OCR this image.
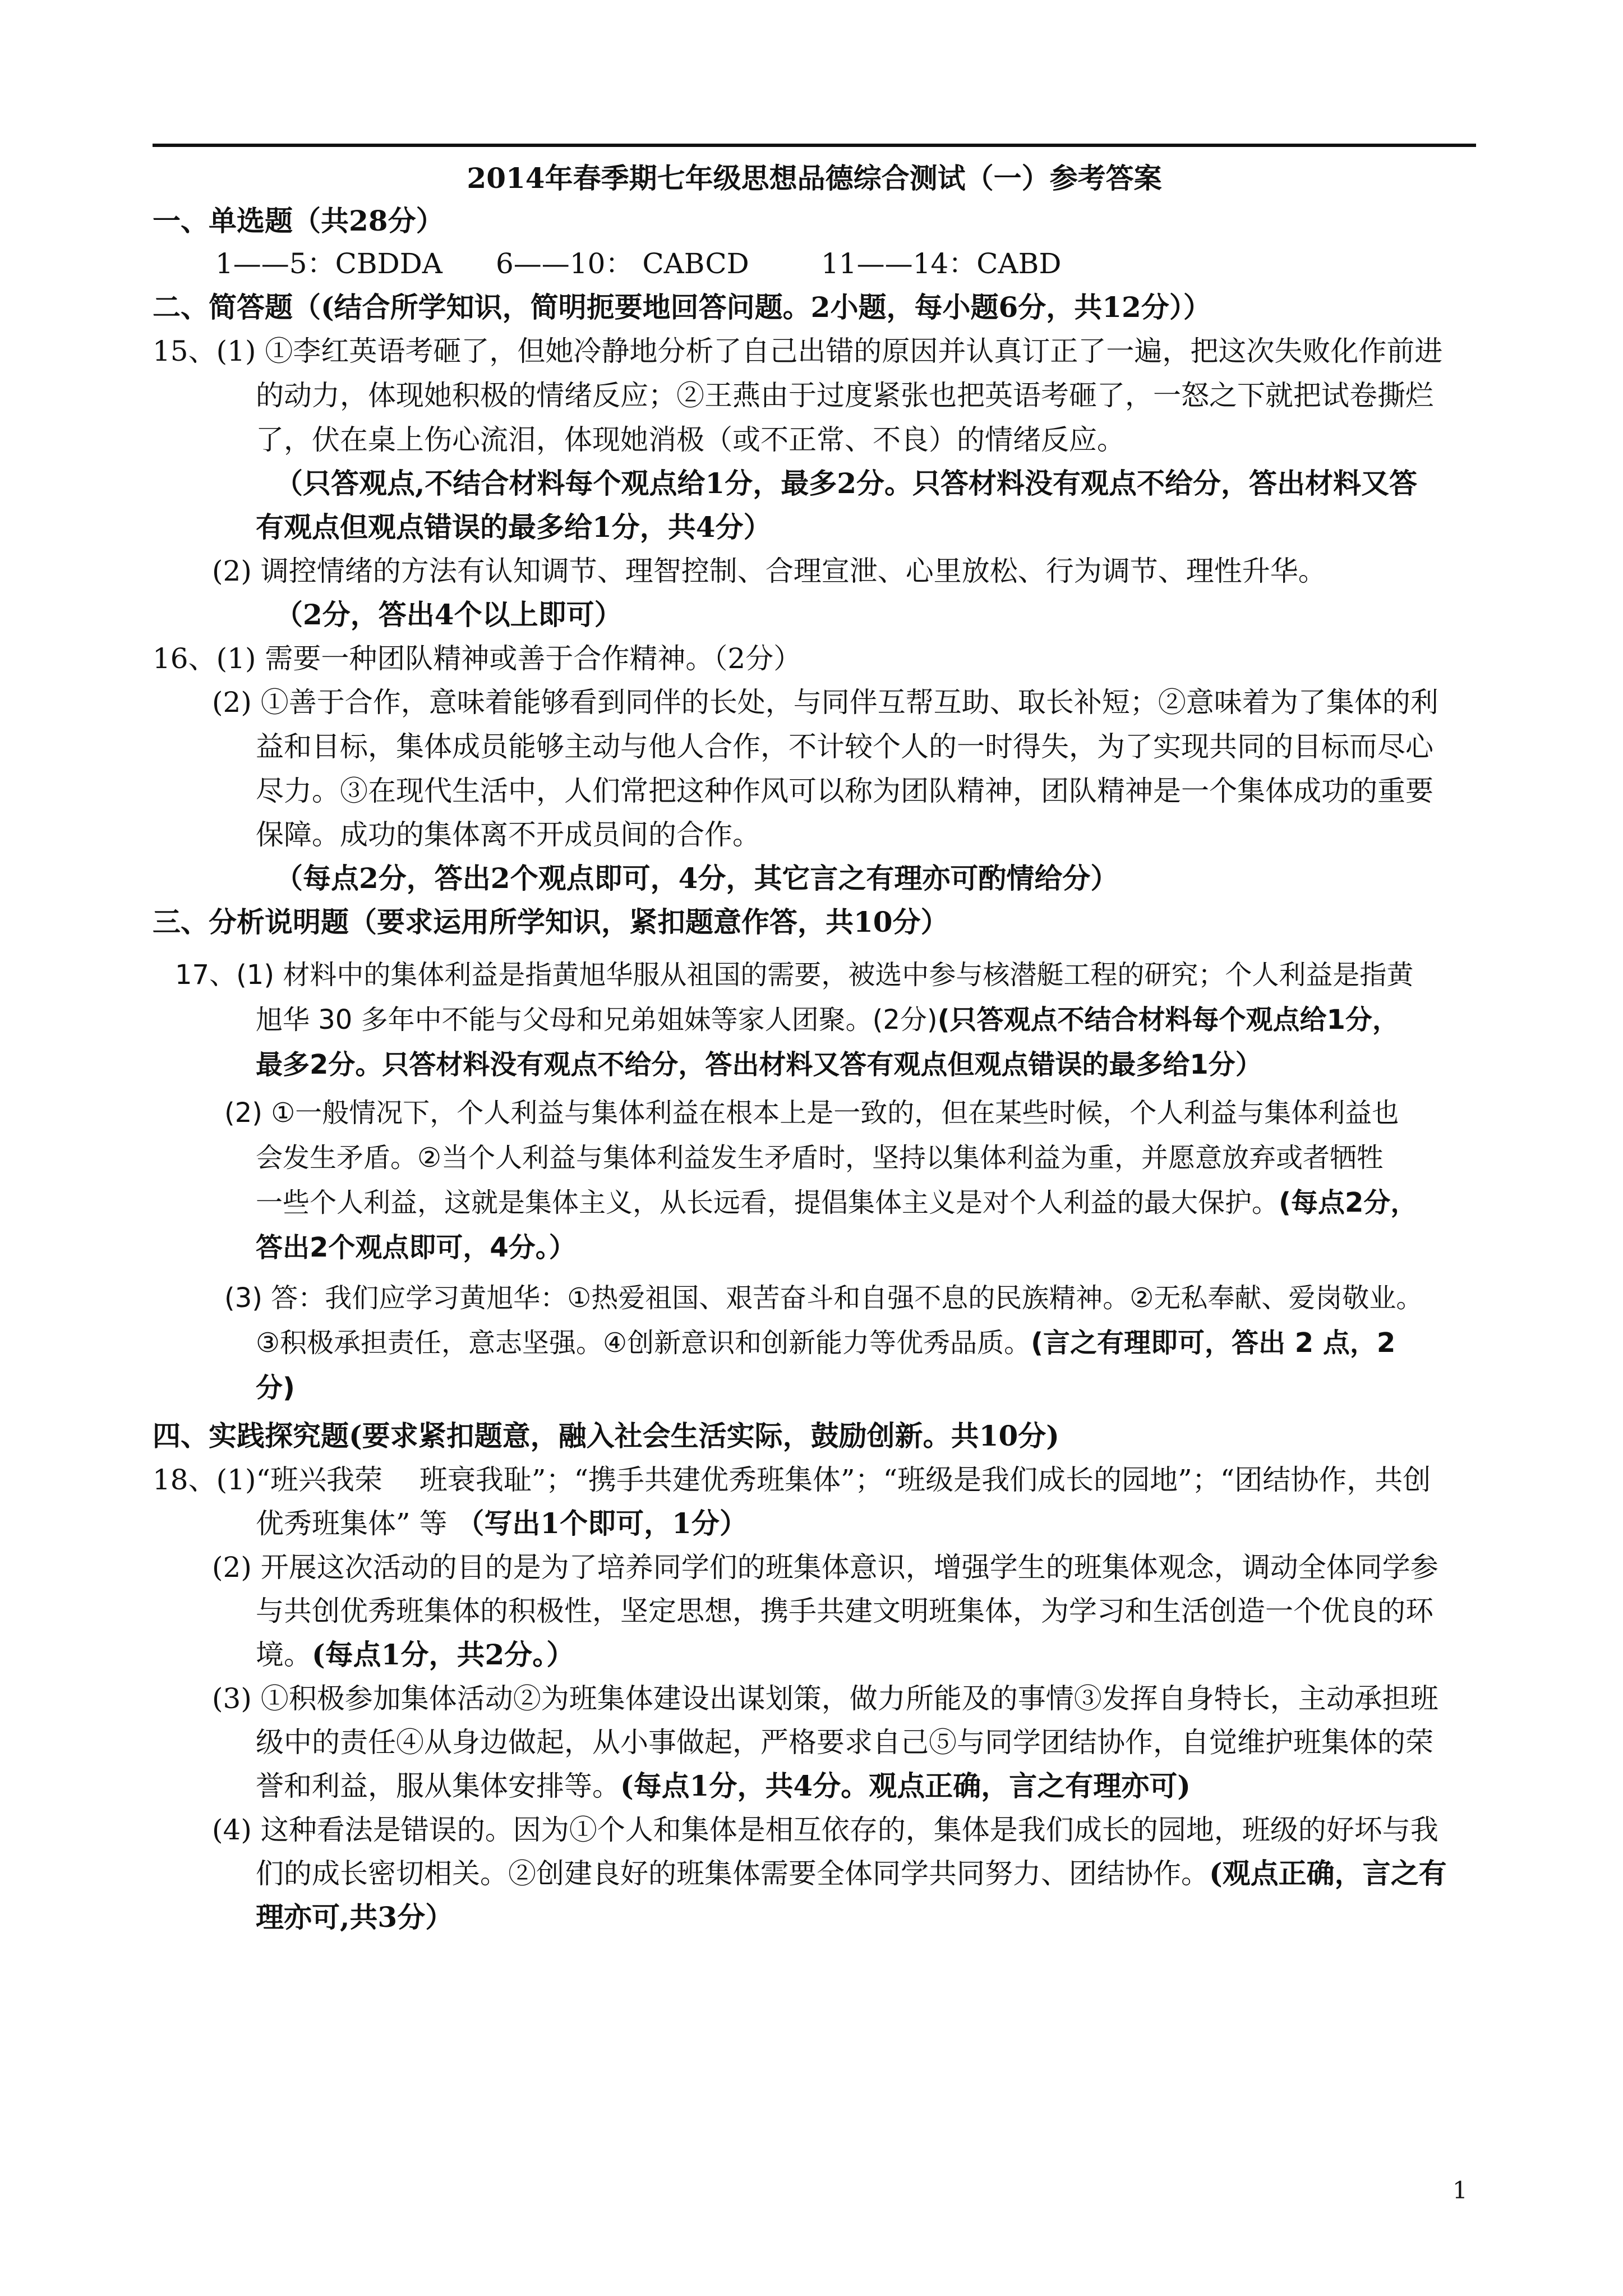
2014年春季期七年级思想品德综合测试（一）参考答案
一、单选题（共28分）
1——5：CBDDA 6——10： CABCD	11——14：CABD
二、简答题（(结合所学知识，简明扼要地回答问题。2小题，每小题6分，共12分））
15、(1) ①李红英语考砸了，但她冷静地分析了自己出错的原因并认真订正了一遍，把这次失败化作前进
的动力，体现她积极的情绪反应；②王燕由于过度紧张也把英语考砸了，一怒之下就把试卷撕烂
了，伏在桌上伤心流泪，体现她消极（或不正常、不良）的情绪反应。
（只答观点,不结合材料每个观点给1分，最多2分。只答材料没有观点不给分，答出材料又答
有观点但观点错误的最多给1分，共4分）
(2) 调控情绪的方法有认知调节、理智控制、合理宣泄、心里放松、行为调节、理性升华。
（2分，答出4个以上即可）
16、(1) 需要一种团队精神或善于合作精神。（2分）
(2) ①善于合作，意味着能够看到同伴的长处，与同伴互帮互助、取长补短；②意味着为了集体的利
益和目标，集体成员能够主动与他人合作，不计较个人的一时得失，为了实现共同的目标而尽心
尽力。③在现代生活中，人们常把这种作风可以称为团队精神，团队精神是一个集体成功的重要
保障。成功的集体离不开成员间的合作。
（每点2分，答出2个观点即可，4分，其它言之有理亦可酌情给分）
三、分析说明题（要求运用所学知识，紧扣题意作答，共10分）
17、(1) 材料中的集体利益是指黄旭华服从祖国的需要，被选中参与核潜艇工程的研究；个人利益是指黄
旭华 30 多年中不能与父母和兄弟姐妹等家人团聚。(2分)(只答观点不结合材料每个观点给1分，
最多2分。只答材料没有观点不给分，答出材料又答有观点但观点错误的最多给1分）
(2) ①一般情况下，个人利益与集体利益在根本上是一致的，但在某些时候，个人利益与集体利益也
会发生矛盾。②当个人利益与集体利益发生矛盾时，坚持以集体利益为重，并愿意放弃或者牺牲
一些个人利益，这就是集体主义，从长远看，提倡集体主义是对个人利益的最大保护。(每点2分，
答出2个观点即可，4分。）
(3) 答：我们应学习黄旭华：①热爱祖国、艰苦奋斗和自强不息的民族精神。②无私奉献、爱岗敬业。
③积极承担责任，意志坚强。④创新意识和创新能力等优秀品质。(言之有理即可，答出 2 点，2
分)
四、实践探究题(要求紧扣题意，融入社会生活实际，鼓励创新。共10分)
18、(1)“班兴我荣　 班衰我耻”；“携手共建优秀班集体”；“班级是我们成长的园地”；“团结协作，共创
优秀班集体” 等 （写出1个即可，1分）
(2) 开展这次活动的目的是为了培养同学们的班集体意识，增强学生的班集体观念，调动全体同学参
与共创优秀班集体的积极性，坚定思想，携手共建文明班集体，为学习和生活创造一个优良的环
境。(每点1分，共2分。）
(3) ①积极参加集体活动②为班集体建设出谋划策，做力所能及的事情③发挥自身特长，主动承担班
级中的责任④从身边做起，从小事做起，严格要求自己⑤与同学团结协作，自觉维护班集体的荣
誉和利益，服从集体安排等。(每点1分，共4分。观点正确，言之有理亦可)
(4) 这种看法是错误的。因为①个人和集体是相互依存的，集体是我们成长的园地，班级的好坏与我
们的成长密切相关。②创建良好的班集体需要全体同学共同努力、团结协作。(观点正确，言之有
理亦可,共3分）
1
